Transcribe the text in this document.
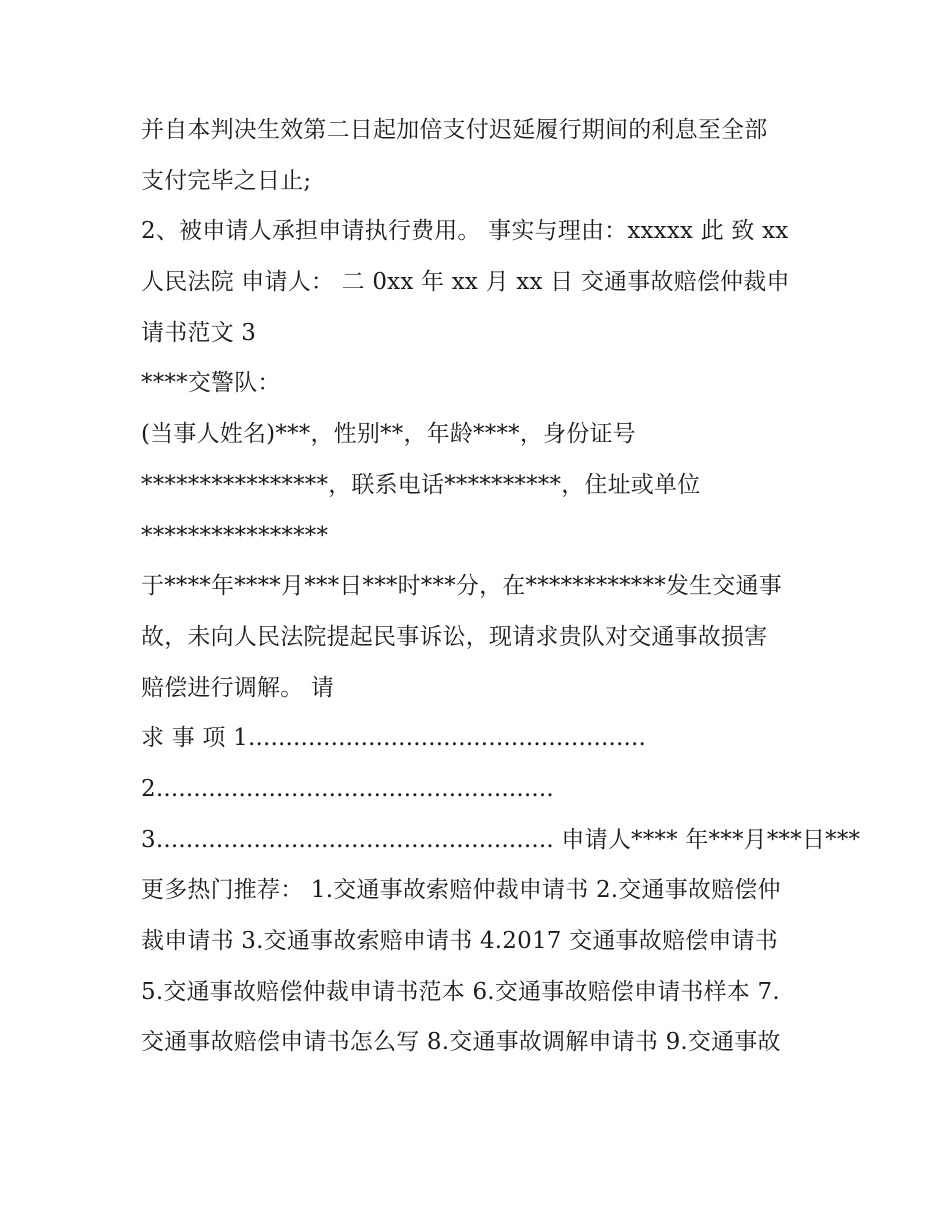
并自本判决生效第二日起加倍支付迟延履行期间的利息至全部
支付完毕之日止;
2、被申请人承担申请执行费用。 事实与理由：xxxxx 此 致 xx
人民法院 申请人： 二 0xx 年 xx 月 xx 日 交通事故赔偿仲裁申
请书范文 3
****交警队：
(当事人姓名)***，性别**，年龄****，身份证号
****************，联系电话**********，住址或单位
****************
于****年****月***日***时***分，在************发生交通事
故，未向人民法院提起民事诉讼，现请求贵队对交通事故损害
赔偿进行调解。 请
求 事 项 1.....................................................
2.....................................................
3..................................................... 申请人**** 年***月***日***
更多热门推荐： 1.交通事故索赔仲裁申请书 2.交通事故赔偿仲
裁申请书 3.交通事故索赔申请书 4.2017 交通事故赔偿申请书
5.交通事故赔偿仲裁申请书范本 6.交通事故赔偿申请书样本 7.
交通事故赔偿申请书怎么写 8.交通事故调解申请书 9.交通事故
